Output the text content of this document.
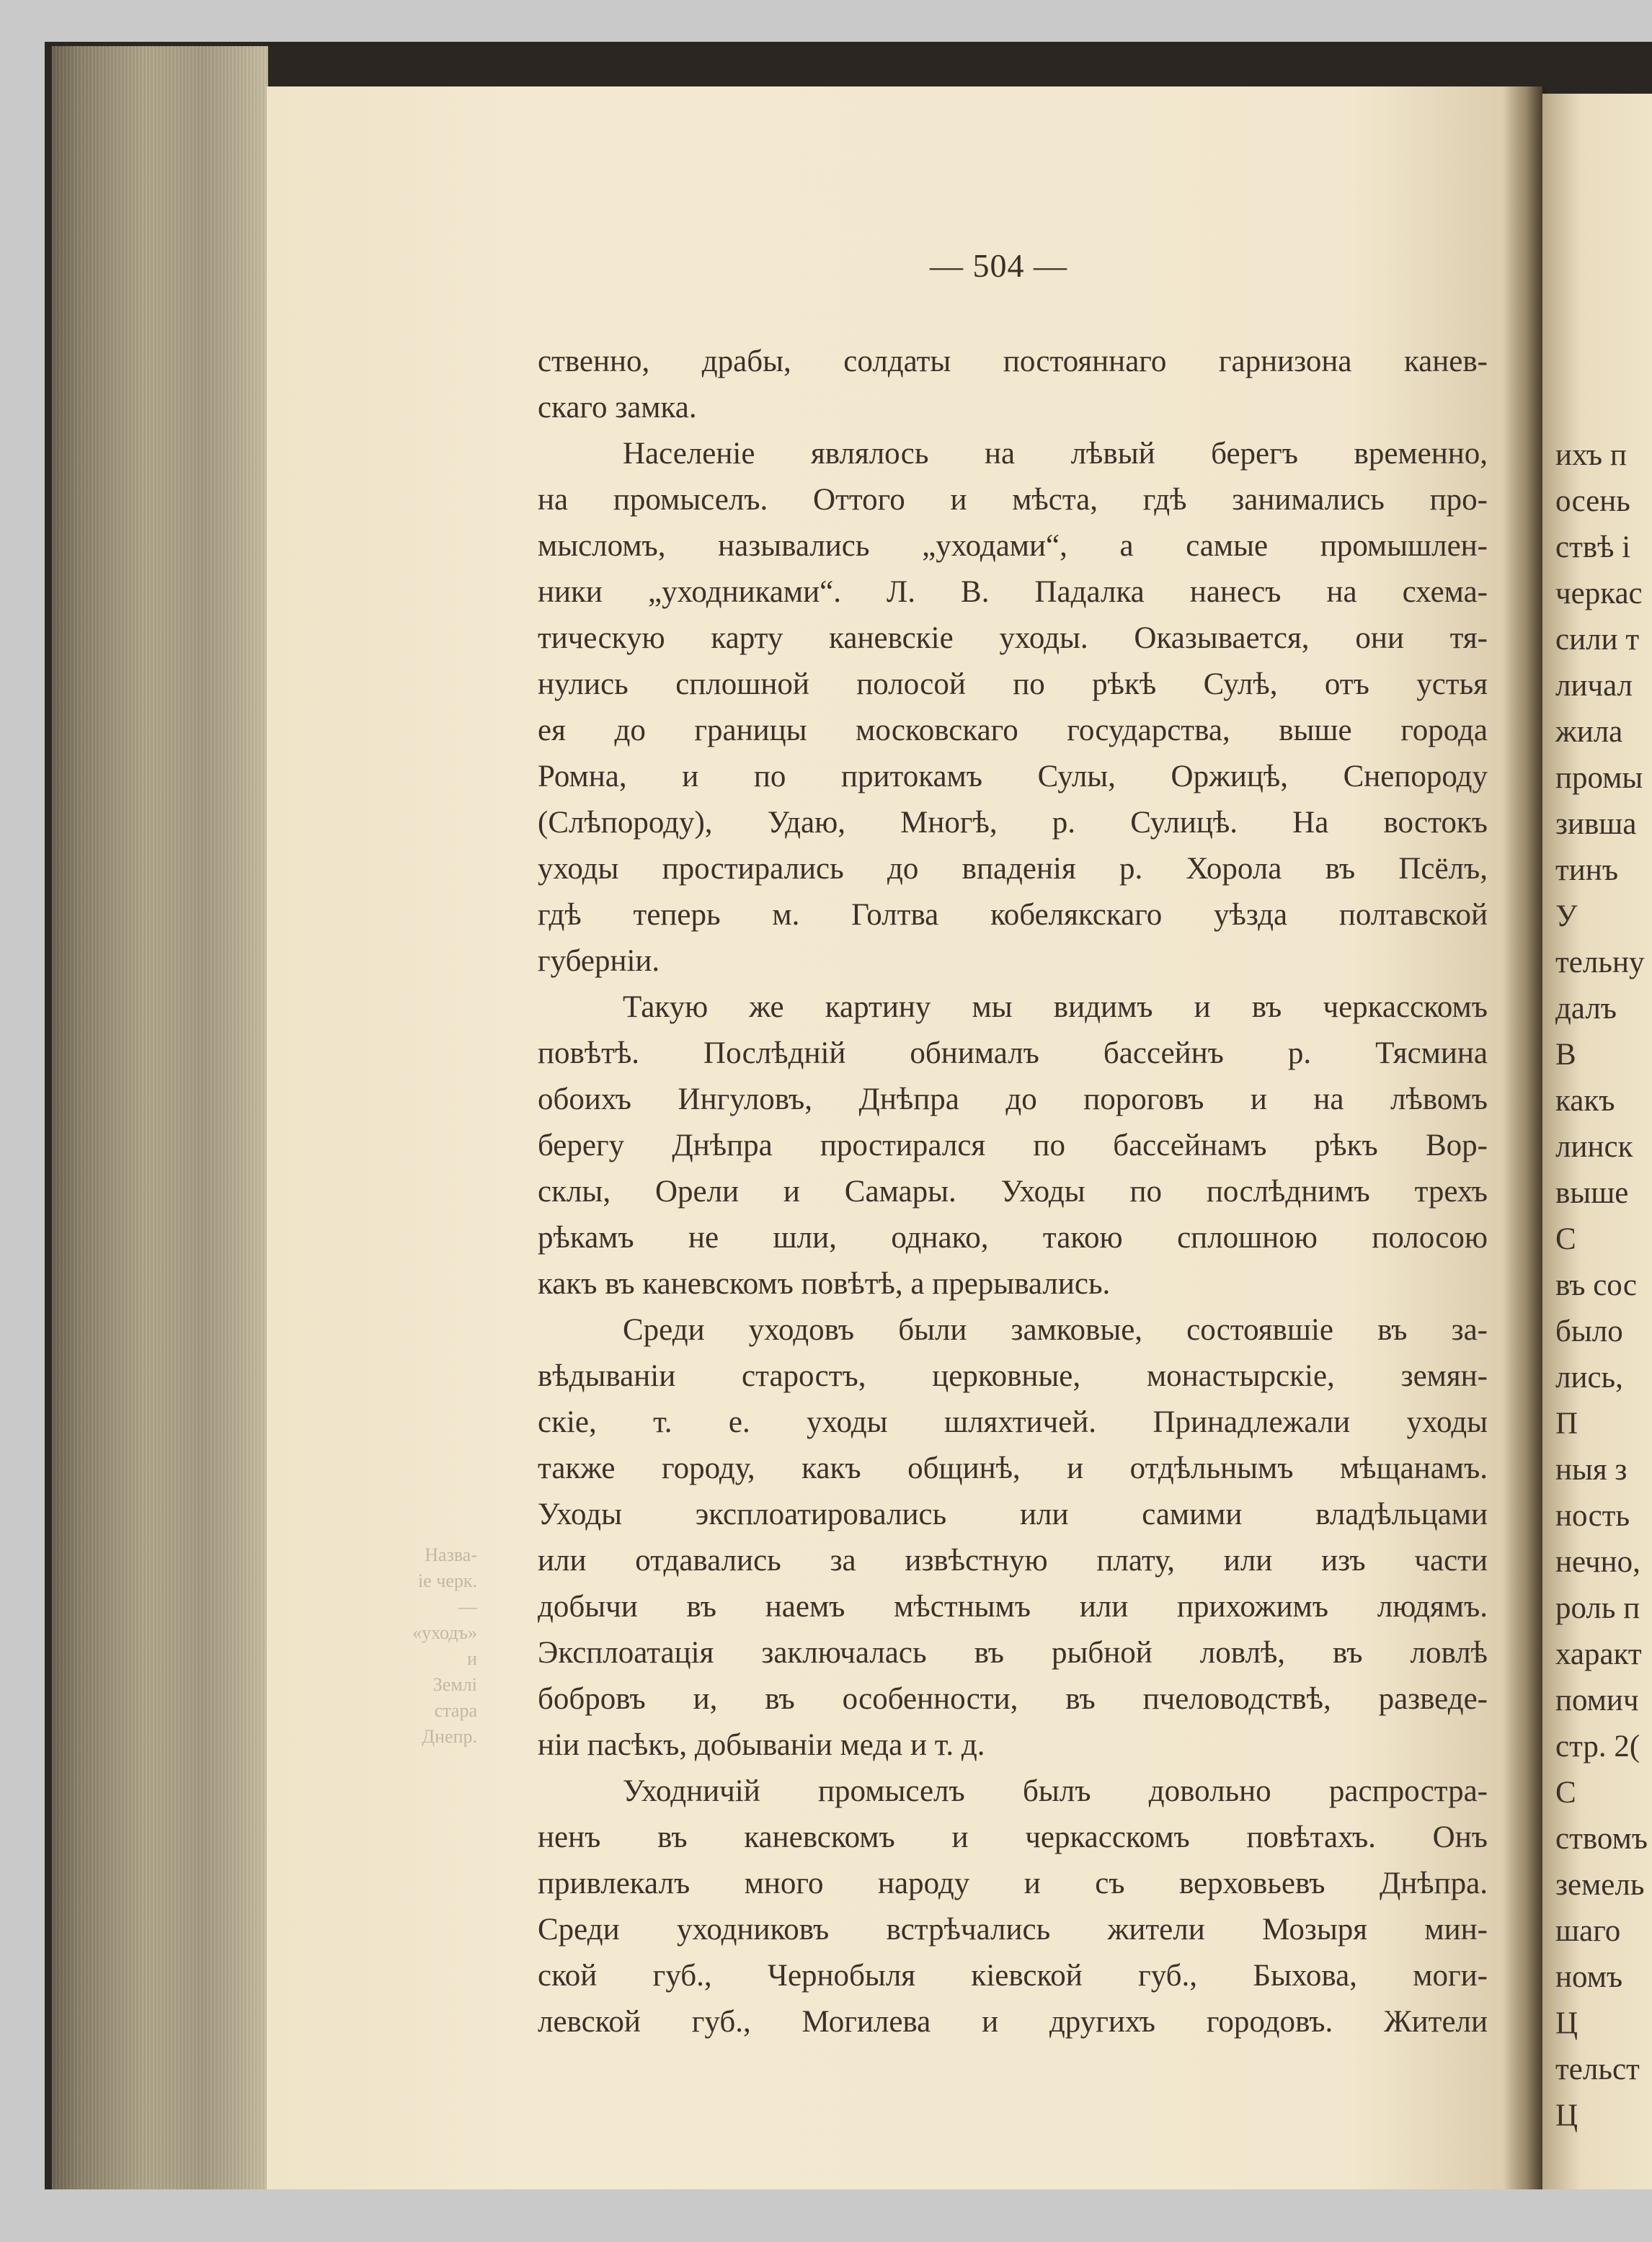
ихъ п
осень
ствѣ і
черкас
сили т
личал
жила
промы
зивша
тинъ
У
тельну
далъ
В
какъ
линск
выше
С
въ сос
было
лись,
П
ныя з
ность
нечно,
роль п
характ
помич
стр. 2(
С
ствомъ
земель
шаго
номъ
Ц
тельст
Ц
Назва-
іе черк.
—
«уходъ»
и
Землі
стара
Днепр.
— 504 —
ственно, драбы, солдаты постояннаго гарнизона канев-
скаго замка.
Населеніе являлось на лѣвый берегъ временно,
на промыселъ. Оттого и мѣста, гдѣ занимались про-
мысломъ, назывались „уходами“, а самые промышлен-
ники „уходниками“. Л. В. Падалка нанесъ на схема-
тическую карту каневскіе уходы. Оказывается, они тя-
нулись сплошной полосой по рѣкѣ Сулѣ, отъ устья
ея до границы московскаго государства, выше города
Ромна, и по притокамъ Сулы, Оржицѣ, Снепороду
(Слѣпороду), Удаю, Многѣ, р. Сулицѣ. На востокъ
уходы простирались до впаденія р. Хорола въ Псёлъ,
гдѣ теперь м. Голтва кобелякскаго уѣзда полтавской
губерніи.
Такую же картину мы видимъ и въ черкасскомъ
повѣтѣ. Послѣдній обнималъ бассейнъ р. Тясмина
обоихъ Ингуловъ, Днѣпра до пороговъ и на лѣвомъ
берегу Днѣпра простирался по бассейнамъ рѣкъ Вор-
склы, Орели и Самары. Уходы по послѣднимъ трехъ
рѣкамъ не шли, однако, такою сплошною полосою
какъ въ каневскомъ повѣтѣ, а прерывались.
Среди уходовъ были замковые, состоявшіе въ за-
вѣдываніи старостъ, церковные, монастырскіе, земян-
скіе, т. е. уходы шляхтичей. Принадлежали уходы
также городу, какъ общинѣ, и отдѣльнымъ мѣщанамъ.
Уходы эксплоатировались или самими владѣльцами
или отдавались за извѣстную плату, или изъ части
добычи въ наемъ мѣстнымъ или прихожимъ людямъ.
Эксплоатація заключалась въ рыбной ловлѣ, въ ловлѣ
бобровъ и, въ особенности, въ пчеловодствѣ, разведе-
ніи пасѣкъ, добываніи меда и т. д.
Уходничій промыселъ былъ довольно распростра-
ненъ въ каневскомъ и черкасскомъ повѣтахъ. Онъ
привлекалъ много народу и съ верховьевъ Днѣпра.
Среди уходниковъ встрѣчались жители Мозыря мин-
ской губ., Чернобыля кіевской губ., Быхова, моги-
левской губ., Могилева и другихъ городовъ. Жители
